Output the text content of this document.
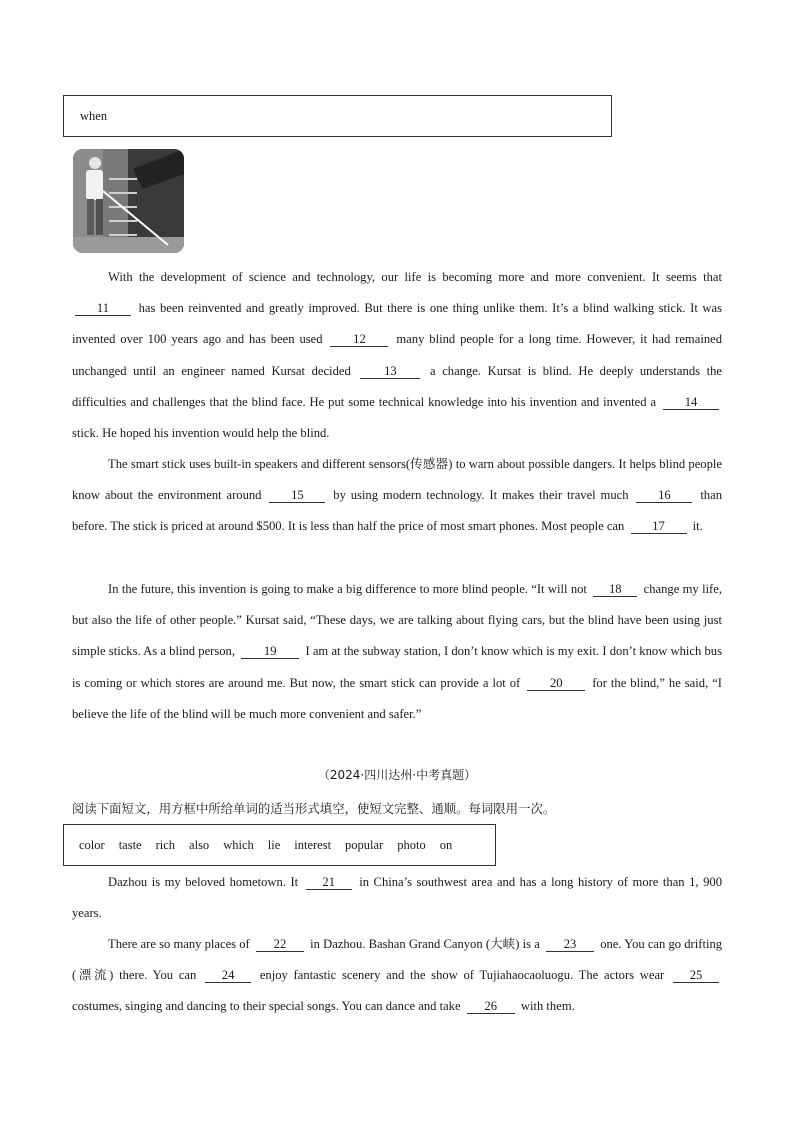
when

With the development of science and technology, our life is becoming more and more convenient. It seems that 11 has been reinvented and greatly improved. But there is one thing unlike them. It’s a blind walking stick. It was invented over 100 years ago and has been used 12 many blind people for a long time. However, it had remained unchanged until an engineer named Kursat decided	13	a change. Kursat is blind. He deeply understands the difficulties and challenges that the blind face. He put some technical knowledge into his invention and invented a 14 stick. He hoped his invention would help the blind.

The smart stick uses built-in speakers and different sensors(传感器) to warn about possible dangers. It helps blind people know about the environment around 15 by using modern technology. It makes their travel much 16 than before. The stick is priced at around $500. It is less than half the price of most smart phones. Most people can 17 it.

In the future, this invention is going to make a big difference to more blind people. “It will not 18 change my life, but also the life of other people.” Kursat said, “These days, we are talking about flying cars, but the blind have been using just simple sticks. As a blind person, 19 I am at the subway station, I don’t know which is my exit. I don’t know which bus is coming or which stores are around me. But now, the smart stick can provide a lot of 20 for the blind,” he said, “I believe the life of the blind will be much more convenient and safer.”

（2024·四川达州·中考真题）
阅读下面短文，用方框中所给单词的适当形式填空，使短文完整、通顺。每词限用一次。
color taste rich also which lie interest popular photo on

Dazhou is my beloved hometown. It 21 in China’s southwest area and has a long history of more than 1, 900 years.

There are so many places of 22 in Dazhou. Bashan Grand Canyon (大峡) is a 23 one. You can go drifting (漂流) there. You can 24 enjoy fantastic scenery and the show of Tujiahaocaoluogu. The actors wear 25 costumes, singing and dancing to their special songs. You can dance and take 26 with them.
